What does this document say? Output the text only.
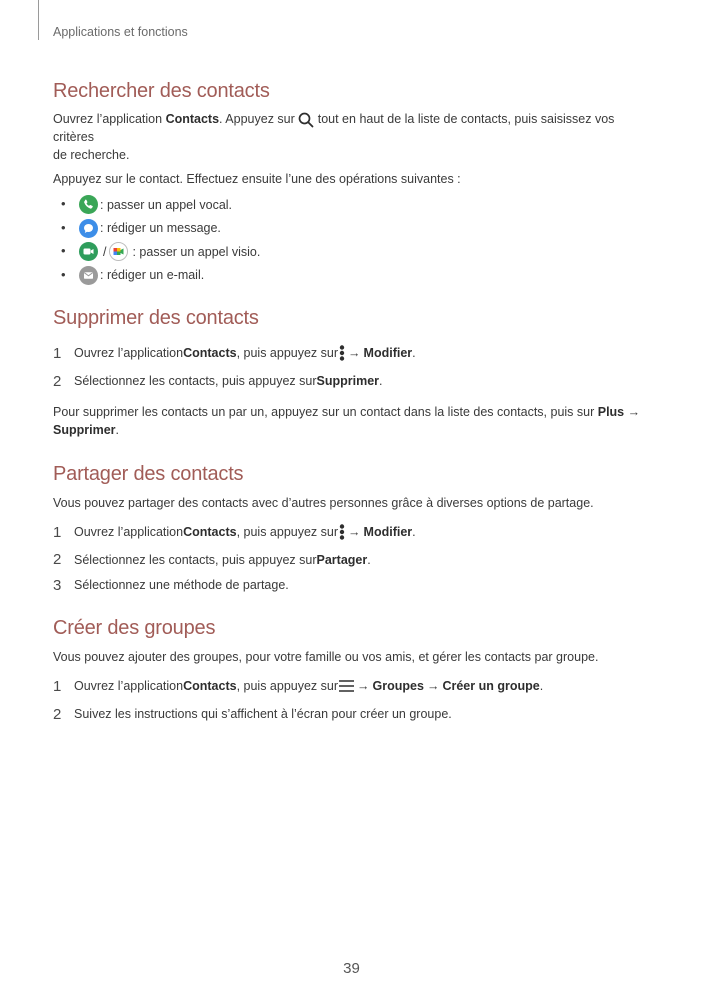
Applications et fonctions
Rechercher des contacts

Ouvrez l’application Contacts. Appuyez sur  tout en haut de la liste de contacts, puis saisissez vos critères
de recherche.

Appuyez sur le contact. Effectuez ensuite l’une des opérations suivantes :

• : passer un appel vocal.
• : rédiger un message.
• / : passer un appel visio.
• : rédiger un e-mail.
Supprimer des contacts
1 Ouvrez l’application Contacts , puis appuyez sur → Modifier .
2 Sélectionnez les contacts, puis appuyez sur Supprimer .

Pour supprimer les contacts un par un, appuyez sur un contact dans la liste des contacts, puis sur Plus →
Supprimer.

Partager des contacts

Vous pouvez partager des contacts avec d’autres personnes grâce à diverses options de partage.

1 Ouvrez l’application Contacts , puis appuyez sur → Modifier .
2 Sélectionnez les contacts, puis appuyez sur Partager .
3 Sélectionnez une méthode de partage.
Créer des groupes

Vous pouvez ajouter des groupes, pour votre famille ou vos amis, et gérer les contacts par groupe.

1 Ouvrez l’application Contacts , puis appuyez sur → Groupes → Créer un groupe .
2 Suivez les instructions qui s’affichent à l’écran pour créer un groupe.
39
